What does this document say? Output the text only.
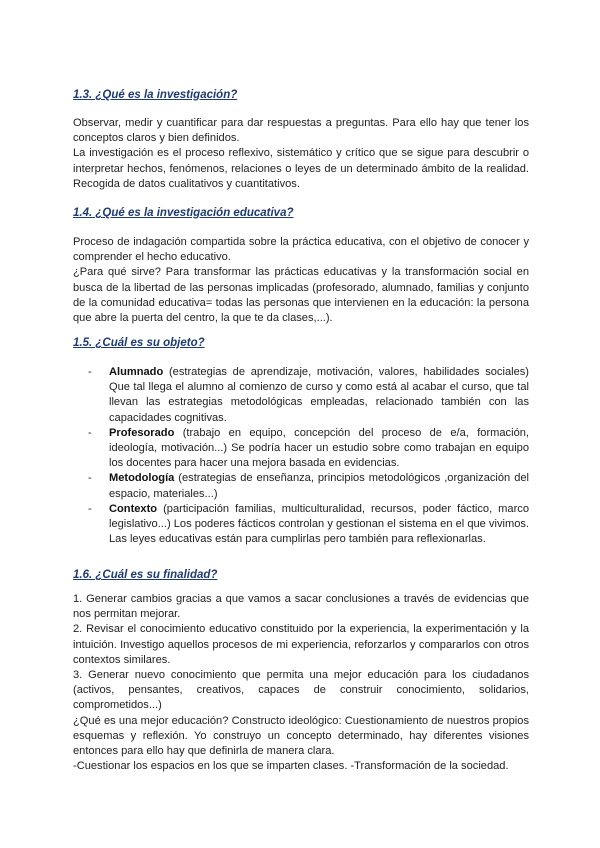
1.3. ¿Qué es la investigación?

Observar, medir y cuantificar para dar respuestas a preguntas. Para ello hay que tener los conceptos claros y bien definidos.

La investigación es el proceso reflexivo, sistemático y crítico que se sigue para descubrir o interpretar hechos, fenómenos, relaciones o leyes de un determinado ámbito de la realidad. Recogida de datos cualitativos y cuantitativos.

1.4. ¿Qué es la investigación educativa?

Proceso de indagación compartida sobre la práctica educativa, con el objetivo de conocer y comprender el hecho educativo.

¿Para qué sirve? Para transformar las prácticas educativas y la transformación social en busca de la libertad de las personas implicadas (profesorado, alumnado, familias y conjunto de la comunidad educativa= todas las personas que intervienen en la educación: la persona que abre la puerta del centro, la que te da clases,...).

1.5. ¿Cuál es su objeto?
- Alumnado (estrategias de aprendizaje, motivación, valores, habilidades sociales) Que tal llega el alumno al comienzo de curso y como está al acabar el curso, que tal llevan las estrategias metodológicas empleadas, relacionado también con las capacidades cognitivas.
- Profesorado (trabajo en equipo, concepción del proceso de e/a, formación, ideología, motivación...) Se podría hacer un estudio sobre como trabajan en equipo los docentes para hacer una mejora basada en evidencias.
- Metodología (estrategias de enseñanza, principios metodológicos ,organización del espacio, materiales...)
- Contexto (participación familias, multiculturalidad, recursos, poder fáctico, marco legislativo...) Los poderes fácticos controlan y gestionan el sistema en el que vivimos. Las leyes educativas están para cumplirlas pero también para reflexionarlas.
1.6. ¿Cuál es su finalidad?

1. Generar cambios gracias a que vamos a sacar conclusiones a través de evidencias que nos permitan mejorar.

2. Revisar el conocimiento educativo constituido por la experiencia, la experimentación y la intuición. Investigo aquellos procesos de mi experiencia, reforzarlos y compararlos con otros contextos similares.

3. Generar nuevo conocimiento que permita una mejor educación para los ciudadanos (activos, pensantes, creativos, capaces de construir conocimiento, solidarios, comprometidos...)

¿Qué es una mejor educación? Constructo ideológico: Cuestionamiento de nuestros propios esquemas y reflexión. Yo construyo un concepto determinado, hay diferentes visiones entonces para ello hay que definirla de manera clara.

-Cuestionar los espacios en los que se imparten clases. -Transformación de la sociedad.
